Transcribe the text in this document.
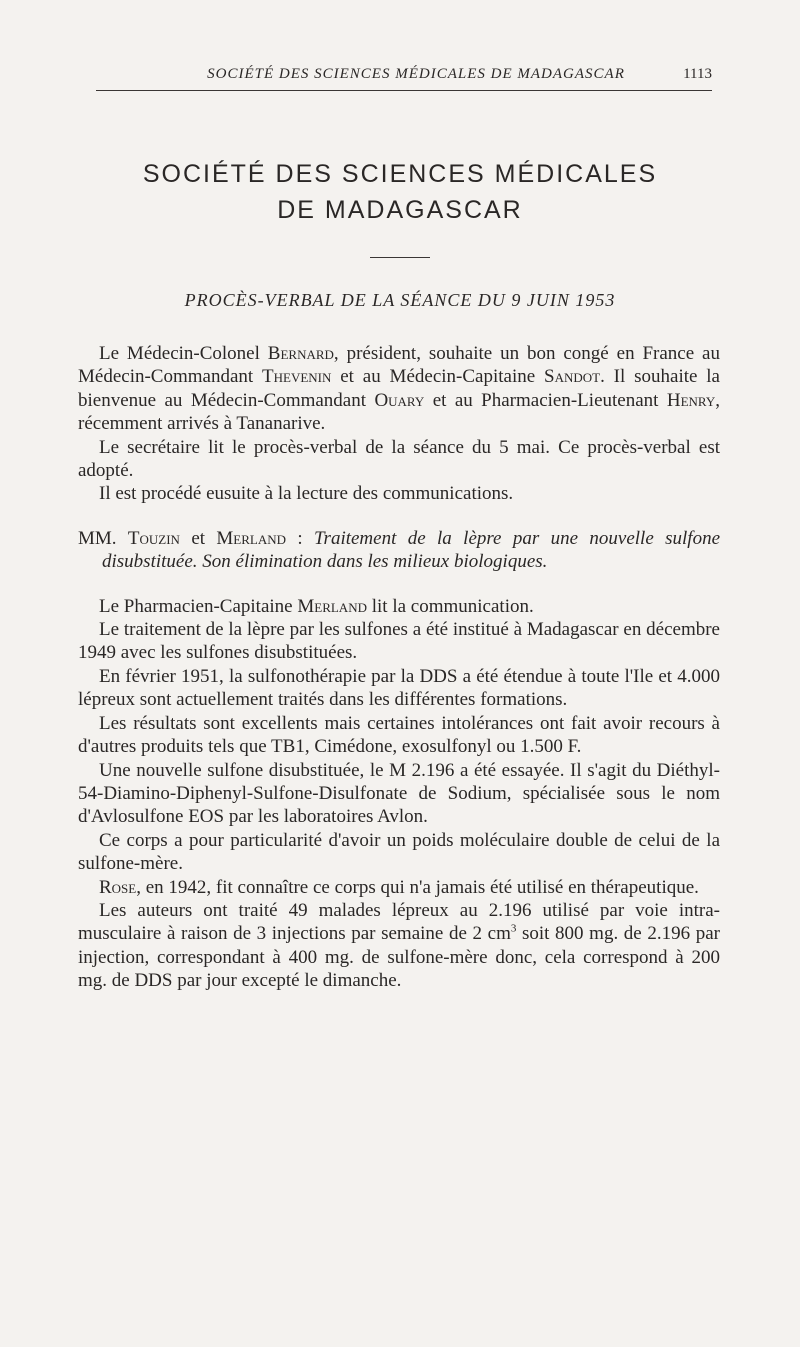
SOCIÉTÉ DES SCIENCES MÉDICALES DE MADAGASCAR	1113
SOCIÉTÉ DES SCIENCES MÉDICALES
DE MADAGASCAR
PROCÈS-VERBAL DE LA SÉANCE DU 9 JUIN 1953

Le Médecin-Colonel Bernard, président, souhaite un bon congé en France au Médecin-Commandant Thevenin et au Médecin-Capitaine Sandot. Il souhaite la bienvenue au Médecin-Commandant Ouary et au Pharmacien-Lieutenant Henry, récemment arrivés à Tananarive.

Le secrétaire lit le procès-verbal de la séance du 5 mai. Ce procès-verbal est adopté.

Il est procédé eusuite à la lecture des communications.

MM. Touzin et Merland : Traitement de la lèpre par une nouvelle sulfone disubstituée. Son élimination dans les milieux biologiques.

Le Pharmacien-Capitaine Merland lit la communication.

Le traitement de la lèpre par les sulfones a été institué à Madagascar en décembre 1949 avec les sulfones disubstituées.

En février 1951, la sulfonothérapie par la DDS a été étendue à toute l'Ile et 4.000 lépreux sont actuellement traités dans les différentes formations.

Les résultats sont excellents mais certaines intolérances ont fait avoir recours à d'autres produits tels que TB1, Cimédone, exosulfonyl ou 1.500 F.

Une nouvelle sulfone disubstituée, le M 2.196 a été essayée. Il s'agit du Diéthyl-54-Diamino-Diphenyl-Sulfone-Disulfonate de Sodium, spécialisée sous le nom d'Avlosulfone EOS par les laboratoires Avlon.

Ce corps a pour particularité d'avoir un poids moléculaire double de celui de la sulfone-mère.

Rose, en 1942, fit connaître ce corps qui n'a jamais été utilisé en thérapeutique.

Les auteurs ont traité 49 malades lépreux au 2.196 utilisé par voie intra-musculaire à raison de 3 injections par semaine de 2 $cm^3$ soit 800 mg. de 2.196 par injection, correspondant à 400 mg. de sulfone-mère donc, cela correspond à 200 mg. de DDS par jour excepté le dimanche.
